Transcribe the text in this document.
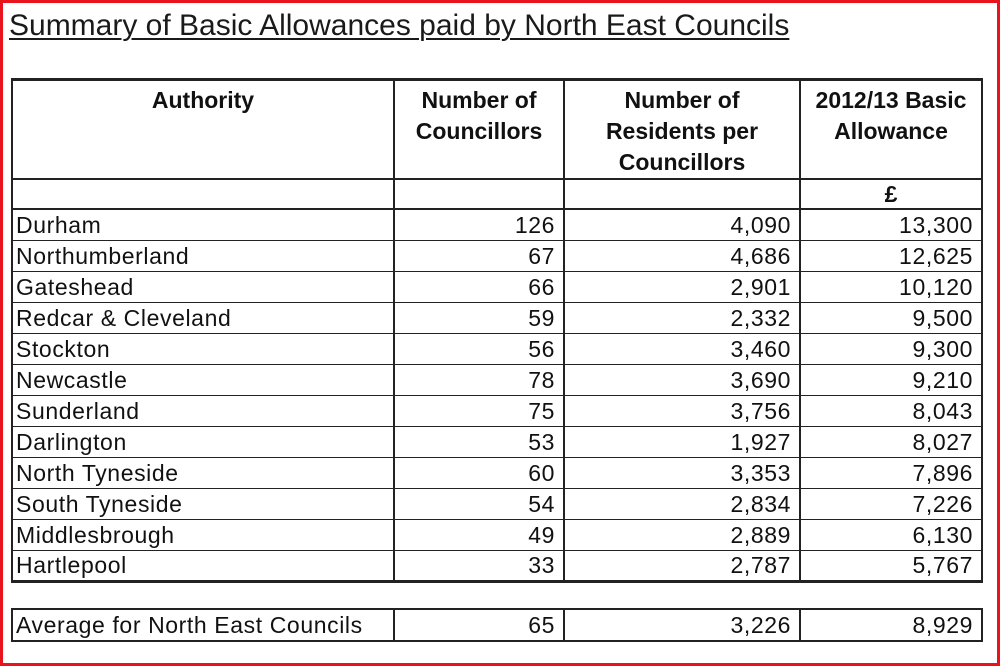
Summary of Basic Allowances paid by North East Councils
Authority	Number of Councillors	Number of Residents per Councillors	2012/13 Basic Allowance
			£
Durham	126	4,090	13,300
Northumberland	67	4,686	12,625
Gateshead	66	2,901	10,120
Redcar & Cleveland	59	2,332	9,500
Stockton	56	3,460	9,300
Newcastle	78	3,690	9,210
Sunderland	75	3,756	8,043
Darlington	53	1,927	8,027
North Tyneside	60	3,353	7,896
South Tyneside	54	2,834	7,226
Middlesbrough	49	2,889	6,130
Hartlepool	33	2,787	5,767
Average for North East Councils	65	3,226	8,929
